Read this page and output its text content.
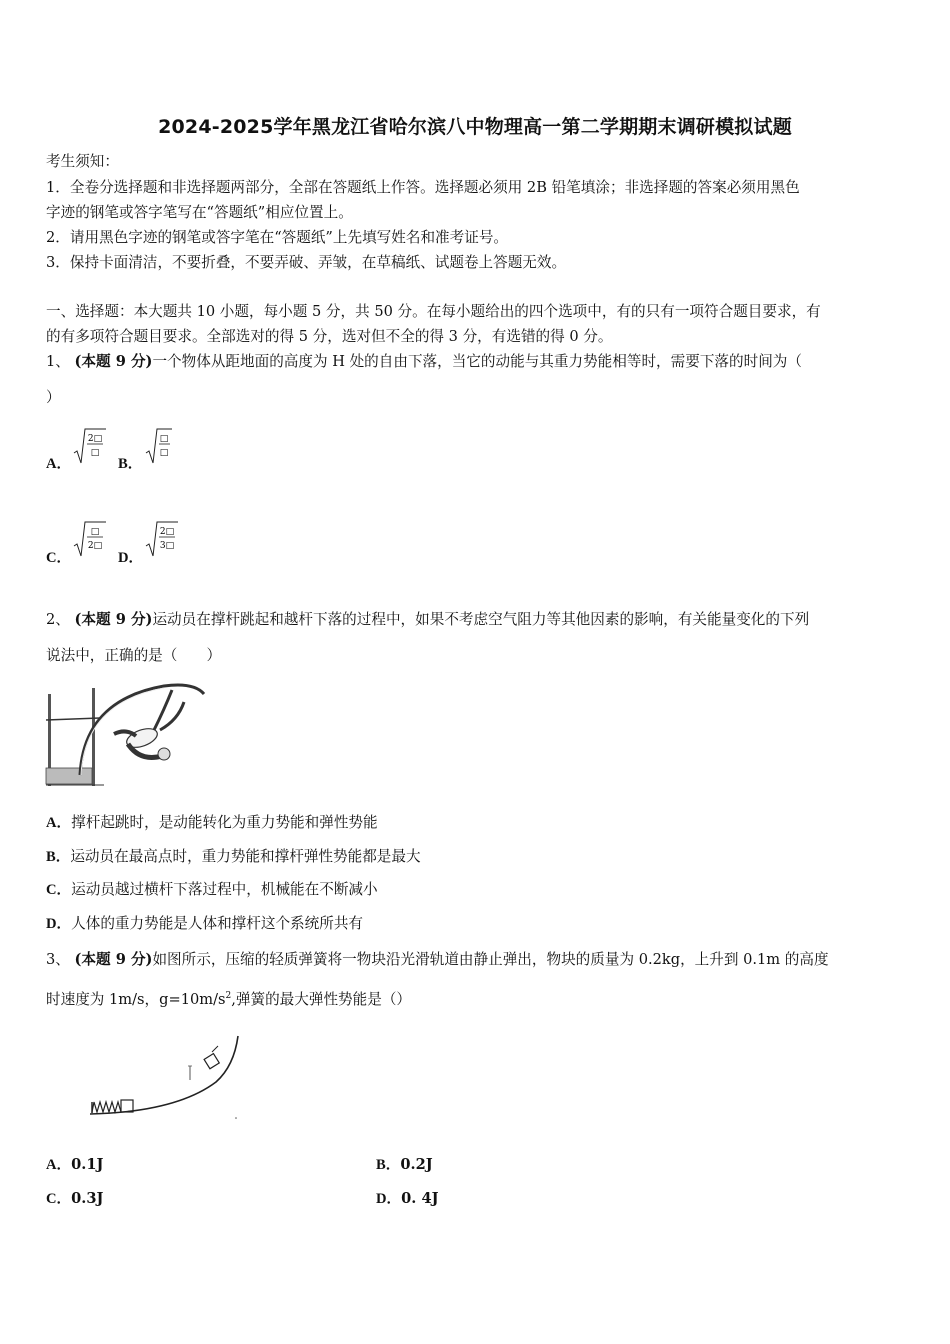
2024-2025学年黑龙江省哈尔滨八中物理高一第二学期期末调研模拟试题
考生须知：
1．全卷分选择题和非选择题两部分，全部在答题纸上作答。选择题必须用 2B 铅笔填涂；非选择题的答案必须用黑色
字迹的钢笔或答字笔写在“答题纸”相应位置上。
2．请用黑色字迹的钢笔或答字笔在“答题纸”上先填写姓名和准考证号。
3．保持卡面清洁，不要折叠，不要弄破、弄皱，在草稿纸、试题卷上答题无效。
一、选择题：本大题共 10 小题，每小题 5 分，共 50 分。在每小题给出的四个选项中，有的只有一项符合题目要求，有
的有多项符合题目要求。全部选对的得 5 分，选对但不全的得 3 分，有选错的得 0 分。
1、 (本题 9 分)一个物体从距地面的高度为 H 处的自由下落，当它的动能与其重力势能相等时，需要下落的时间为（
）
A．
2□
□
B．
□
□
C．
□
2□
D．
2□
3□
2、 (本题 9 分)运动员在撑杆跳起和越杆下落的过程中，如果不考虑空气阻力等其他因素的影响，有关能量变化的下列
说法中，正确的是（　　）
A．撑杆起跳时，是动能转化为重力势能和弹性势能
B．运动员在最高点时，重力势能和撑杆弹性势能都是最大
C．运动员越过横杆下落过程中，机械能在不断减小
D．人体的重力势能是人体和撑杆这个系统所共有
3、 (本题 9 分)如图所示，压缩的轻质弹簧将一物块沿光滑轨道由静止弹出，物块的质量为 0.2kg，上升到 0.1m 的高度
时速度为 1m/s，$g=10m/s^2$,弹簧的最大弹性势能是（）
A．0.1J	B．0.2J
C．0.3J	D．0. 4J
